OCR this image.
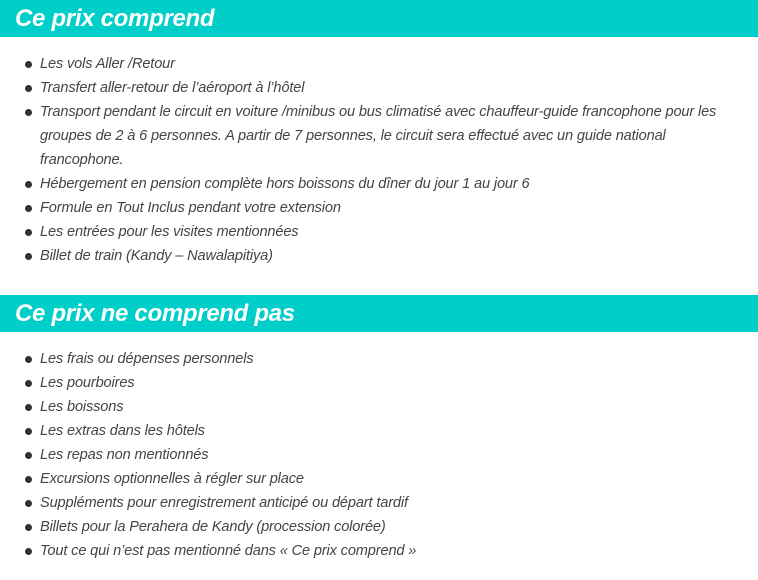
Ce prix comprend
Les vols Aller /Retour
Transfert aller-retour de l’aéroport à l’hôtel
Transport pendant le circuit en voiture /minibus ou bus climatisé avec chauffeur-guide francophone pour les groupes de 2 à 6 personnes. A partir de 7 personnes, le circuit sera effectué avec un guide national francophone.
Hébergement en pension complète hors boissons du dîner du jour 1 au jour 6
Formule en Tout Inclus pendant votre extension
Les entrées pour les visites mentionnées
Billet de train (Kandy – Nawalapitiya)
Ce prix ne comprend pas
Les frais ou dépenses personnels
Les pourboires
Les boissons
Les extras dans les hôtels
Les repas non mentionnés
Excursions optionnelles à régler sur place
Suppléments pour enregistrement anticipé ou départ tardif
Billets pour la Perahera de Kandy (procession colorée)
Tout ce qui n’est pas mentionné dans « Ce prix comprend »
